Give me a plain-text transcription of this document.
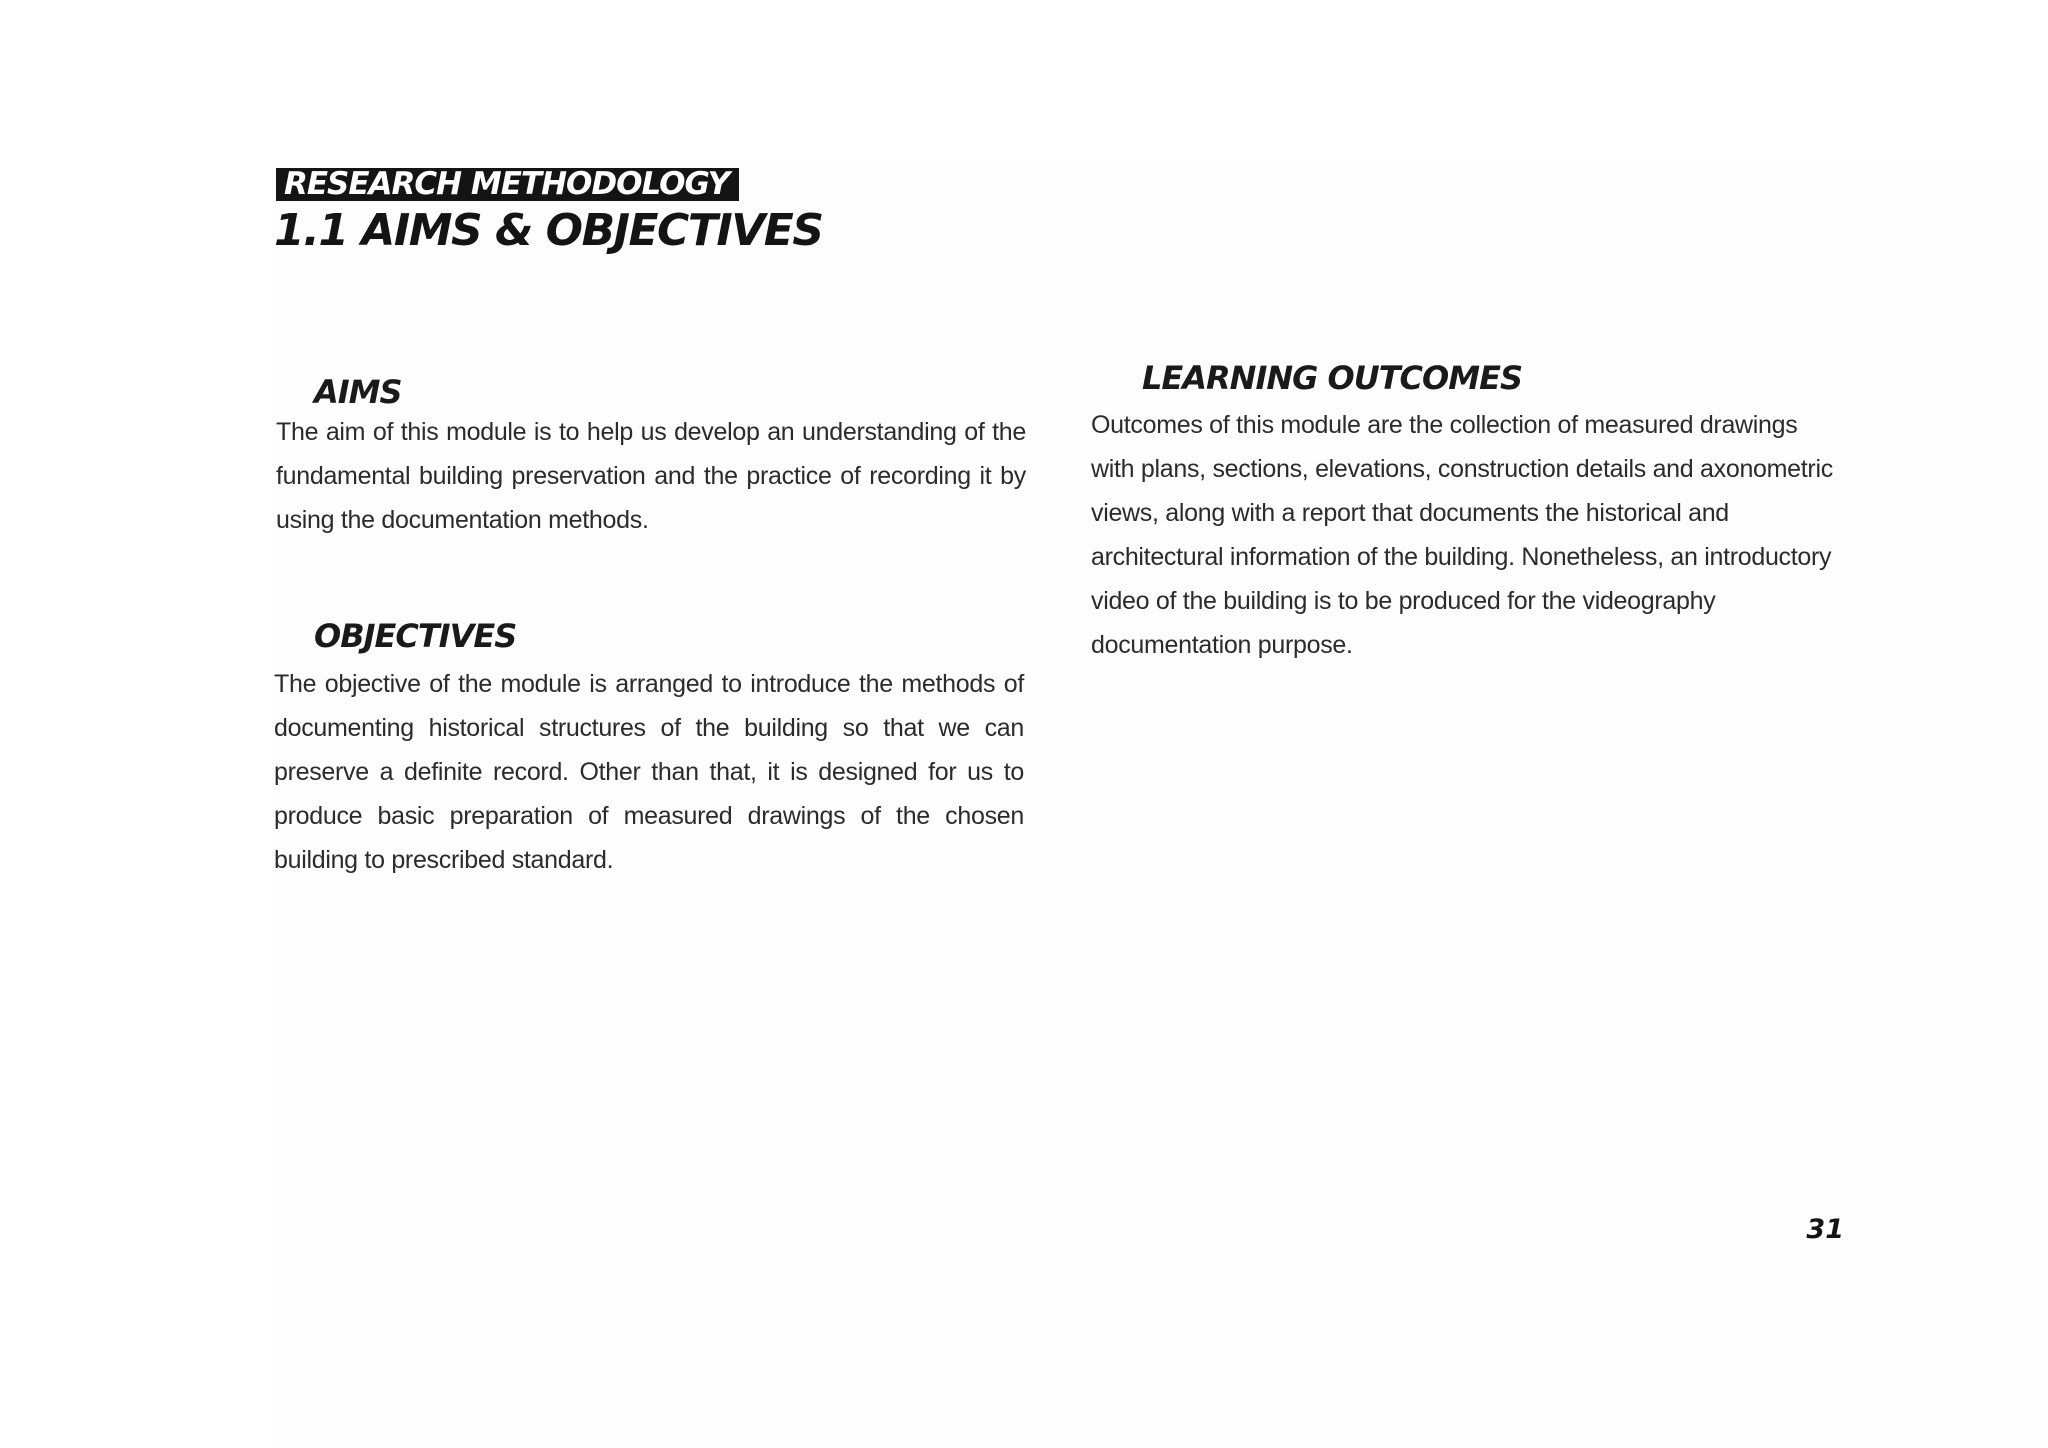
RESEARCH METHODOLOGY
1.1 AIMS & OBJECTIVES
AIMS

The aim of this module is to help us develop an understanding of the fundamental building preservation and the practice of recording it by using the documentation methods.

OBJECTIVES

The objective of the module is arranged to introduce the methods of documenting historical structures of the building so that we can preserve a definite record. Other than that, it is designed for us to produce basic preparation of measured drawings of the chosen building to prescribed standard.

LEARNING OUTCOMES

Outcomes of this module are the collection of measured drawings with plans, sections, elevations, construction details and axonometric views, along with a report that documents the historical and architectural information of the building. Nonetheless, an introductory video of the building is to be produced for the videography documentation purpose.

31
